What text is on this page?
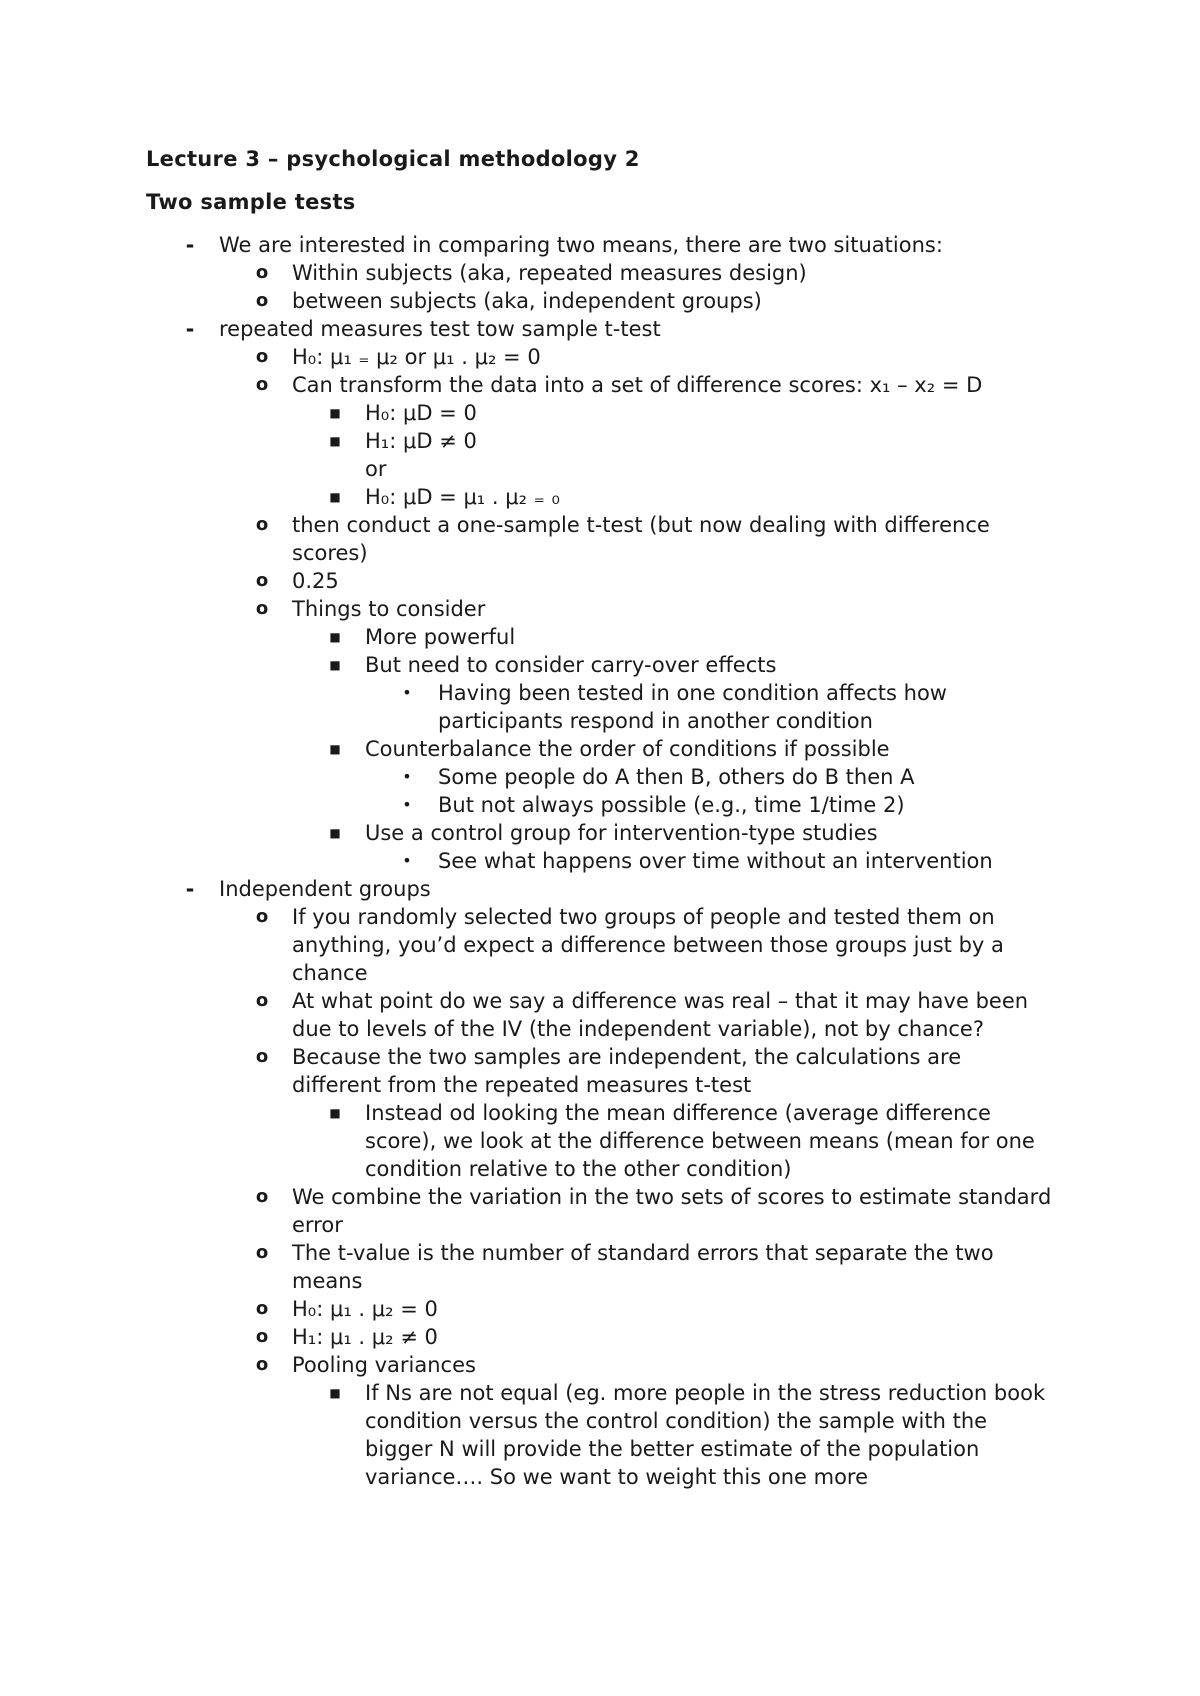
Lecture 3 – psychological methodology 2
Two sample tests
- We are interested in comparing two means, there are two situations:
o Within subjects (aka, repeated measures design)
o between subjects (aka, independent groups)
- repeated measures test tow sample t-test
o H₀: μ₁ ₌ μ₂ or μ₁ . μ₂ = 0
o Can transform the data into a set of difference scores: x₁ – x₂ = D
■ H₀: μD = 0
■ H₁: μD ≠ 0
or
■ H₀: μD = μ₁ . μ₂ ₌ ₀
o then conduct a one-sample t-test (but now dealing with difference scores)
o 0.25
o Things to consider
■ More powerful
■ But need to consider carry-over effects
• Having been tested in one condition affects how participants respond in another condition
■ Counterbalance the order of conditions if possible
• Some people do A then B, others do B then A
• But not always possible (e.g., time 1/time 2)
■ Use a control group for intervention-type studies
• See what happens over time without an intervention
- Independent groups
o If you randomly selected two groups of people and tested them on anything, you’d expect a difference between those groups just by a chance
o At what point do we say a difference was real – that it may have been due to levels of the IV (the independent variable), not by chance?
o Because the two samples are independent, the calculations are different from the repeated measures t-test
■ Instead od looking the mean difference (average difference score), we look at the difference between means (mean for one condition relative to the other condition)
o We combine the variation in the two sets of scores to estimate standard error
o The t-value is the number of standard errors that separate the two means
o H₀: μ₁ . μ₂ = 0
o H₁: μ₁ . μ₂ ≠ 0
o Pooling variances
■ If Ns are not equal (eg. more people in the stress reduction book condition versus the control condition) the sample with the bigger N will provide the better estimate of the population variance…. So we want to weight this one more
